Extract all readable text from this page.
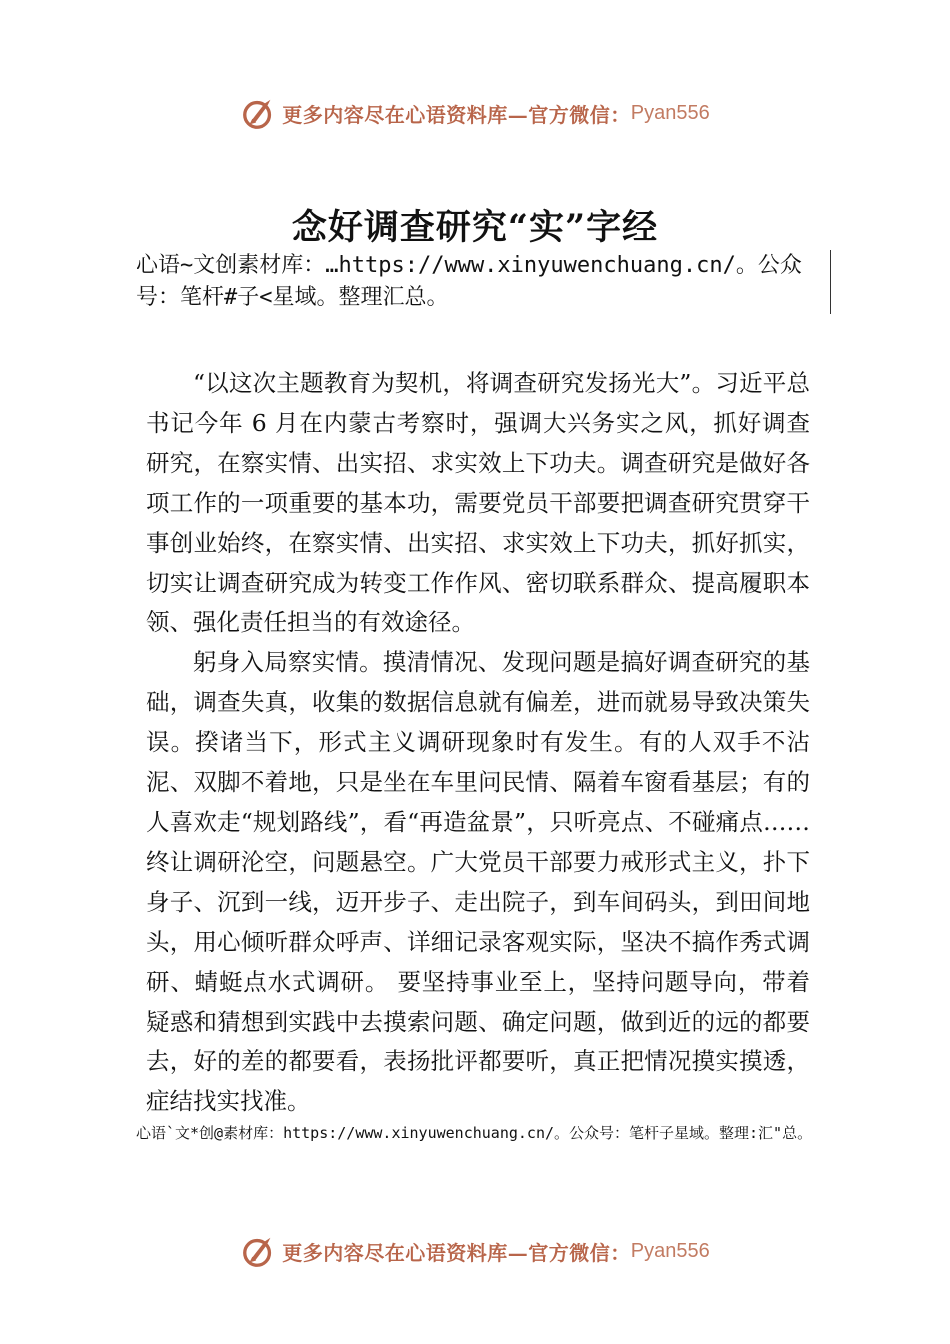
更多内容尽在心语资料库—官方微信： Pyan556
念好调查研究“实”字经
心语~文创素材库：…https://www.xinyuwenchuang.cn/。公众号：笔杆#子<星域。整理汇总。

“以这次主题教育为契机，将调查研究发扬光大”。习近平总书记今年 6 月在内蒙古考察时，强调大兴务实之风，抓好调查研究，在察实情、出实招、求实效上下功夫。调查研究是做好各项工作的一项重要的基本功，需要党员干部要把调查研究贯穿干事创业始终，在察实情、出实招、求实效上下功夫，抓好抓实，切实让调查研究成为转变工作作风、密切联系群众、提高履职本领、强化责任担当的有效途径。

躬身入局察实情。摸清情况、发现问题是搞好调查研究的基础，调查失真，收集的数据信息就有偏差，进而就易导致决策失误。揆诸当下，形式主义调研现象时有发生。有的人双手不沾泥、双脚不着地，只是坐在车里问民情、隔着车窗看基层；有的人喜欢走“规划路线”，看“再造盆景”，只听亮点、不碰痛点……终让调研沦空，问题悬空。广大党员干部要力戒形式主义，扑下身子、沉到一线，迈开步子、走出院子，到车间码头，到田间地头，用心倾听群众呼声、详细记录客观实际，坚决不搞作秀式调研、蜻蜓点水式调研。 要坚持事业至上，坚持问题导向，带着疑惑和猜想到实践中去摸索问题、确定问题，做到近的远的都要去，好的差的都要看，表扬批评都要听，真正把情况摸实摸透，症结找实找准。

心语`文*创@素材库：https://www.xinyuwenchuang.cn/。公众号：笔杆子星域。整理:汇"总。
更多内容尽在心语资料库—官方微信： Pyan556
